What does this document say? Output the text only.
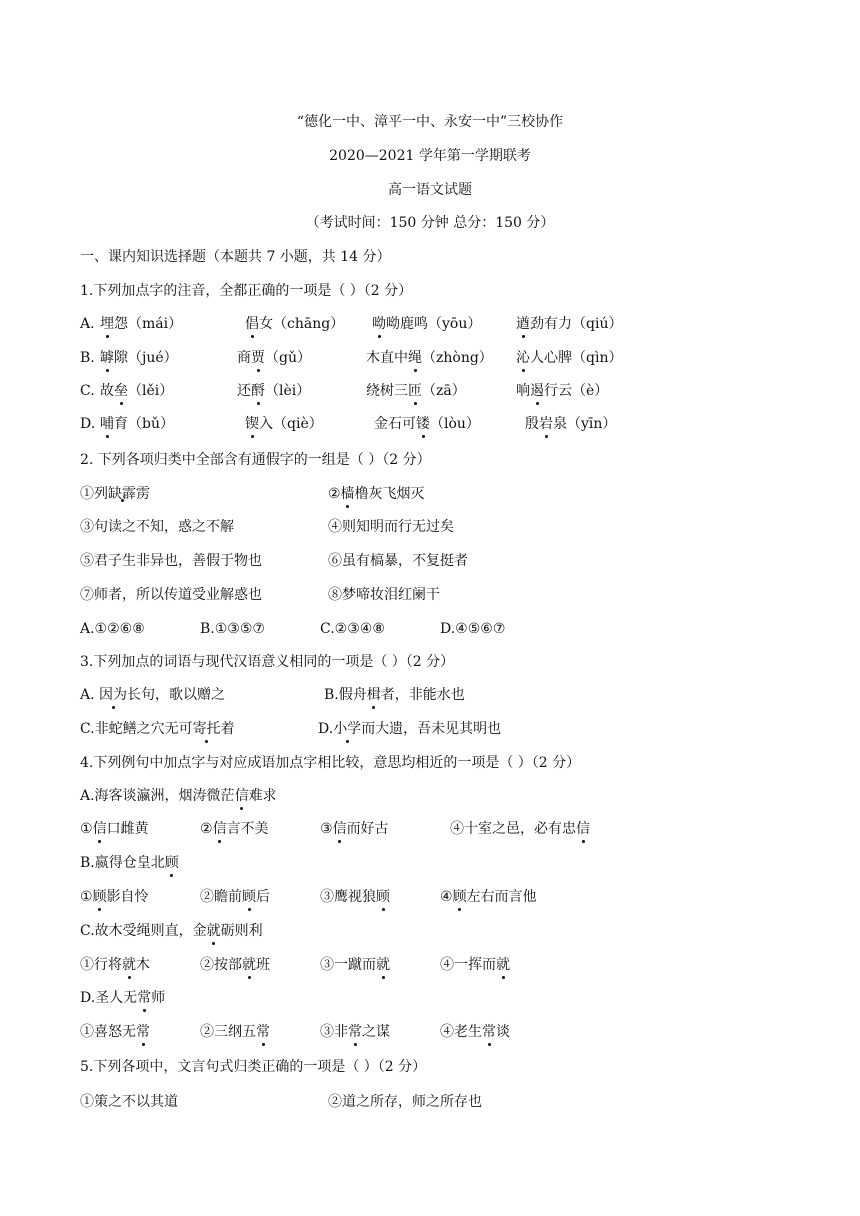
“德化一中、漳平一中、永安一中”三校协作
2020—2021 学年第一学期联考
高一语文试题
（考试时间：150 分钟 总分：150 分）
一、课内知识选择题（本题共 7 小题，共 14 分）
1.下列加点字的注音，全都正确的一项是（ ）（2 分）
A. 埋怨（mái）	倡女（chāng） 呦呦鹿鸣（yōu） 遒劲有力（qiú）
B. 罅隙（jué）	商贾（gǔ）	木直中绳（zhòng） 沁人心脾（qìn）
C. 故垒（lěi）	还酹（lèi）	绕树三匝（zā）	响遏行云（è）
D. 哺育（bǔ）	锲入（qiè）	金石可镂（lòu）	殷岩泉（yīn）
2. 下列各项归类中全部含有通假字的一组是（ ）（2 分）
①列缺霹雳	②樯橹灰飞烟灭
③句读之不知，惑之不解	④则知明而行无过矣
⑤君子生非异也，善假于物也	⑥虽有槁暴，不复挺者
⑦师者，所以传道受业解惑也	⑧梦啼妆泪红阑干
A.①②⑥⑧	B.①③⑤⑦	C.②③④⑧	D.④⑤⑥⑦
3.下列加点的词语与现代汉语意义相同的一项是（ ）（2 分）
A. 因为长句，歌以赠之	B.假舟楫者，非能水也
C.非蛇鳝之穴无可寄托着	D.小学而大遗，吾未见其明也
4.下列例句中加点字与对应成语加点字相比较，意思均相近的一项是（ ）（2 分）
A.海客谈瀛洲，烟涛微茫信难求
①信口雌黄	②信言不美	③信而好古	④十室之邑，必有忠信
B.嬴得仓皇北顾
①顾影自怜	②瞻前顾后	③鹰视狼顾	④顾左右而言他
C.故木受绳则直，金就砺则利
①行将就木	②按部就班	③一蹴而就	④一挥而就
D.圣人无常师
①喜怒无常	②三纲五常	③非常之谋	④老生常谈
5.下列各项中，文言句式归类正确的一项是（ ）（2 分）
①策之不以其道	②道之所存，师之所存也
